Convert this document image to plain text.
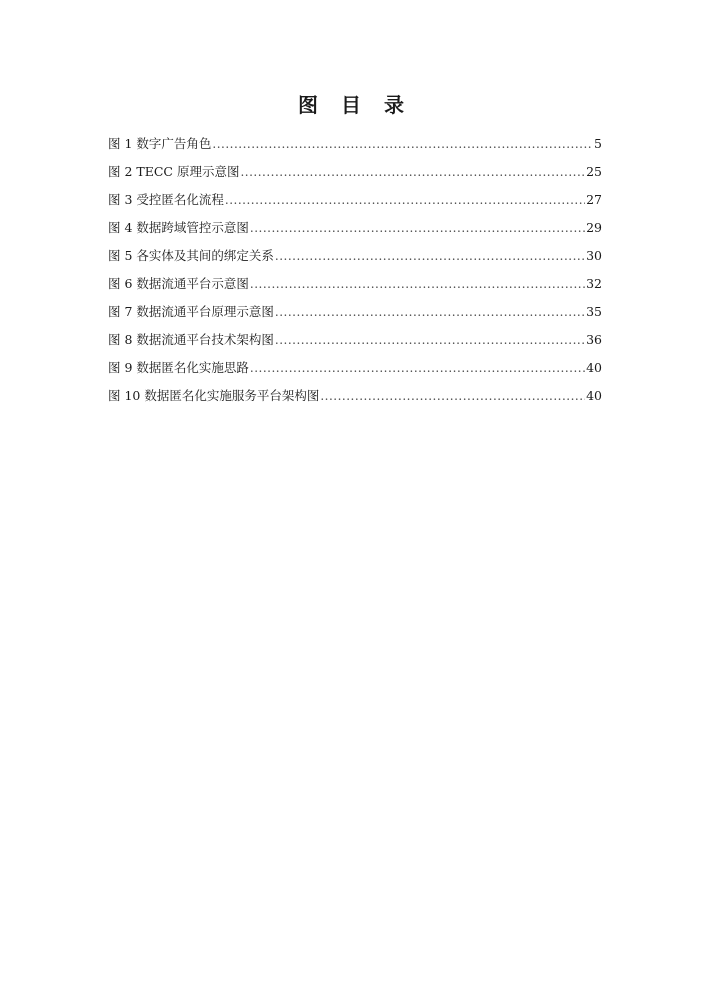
图 目 录
图 1 数字广告角色 .....	5
图 2 TECC 原理示意图 .....	25
图 3 受控匿名化流程 .....	27
图 4 数据跨域管控示意图 .....	29
图 5 各实体及其间的绑定关系 .....	30
图 6 数据流通平台示意图 .....	32
图 7 数据流通平台原理示意图 .....	35
图 8 数据流通平台技术架构图 .....	36
图 9 数据匿名化实施思路 .....	40
图 10 数据匿名化实施服务平台架构图 .....	40
